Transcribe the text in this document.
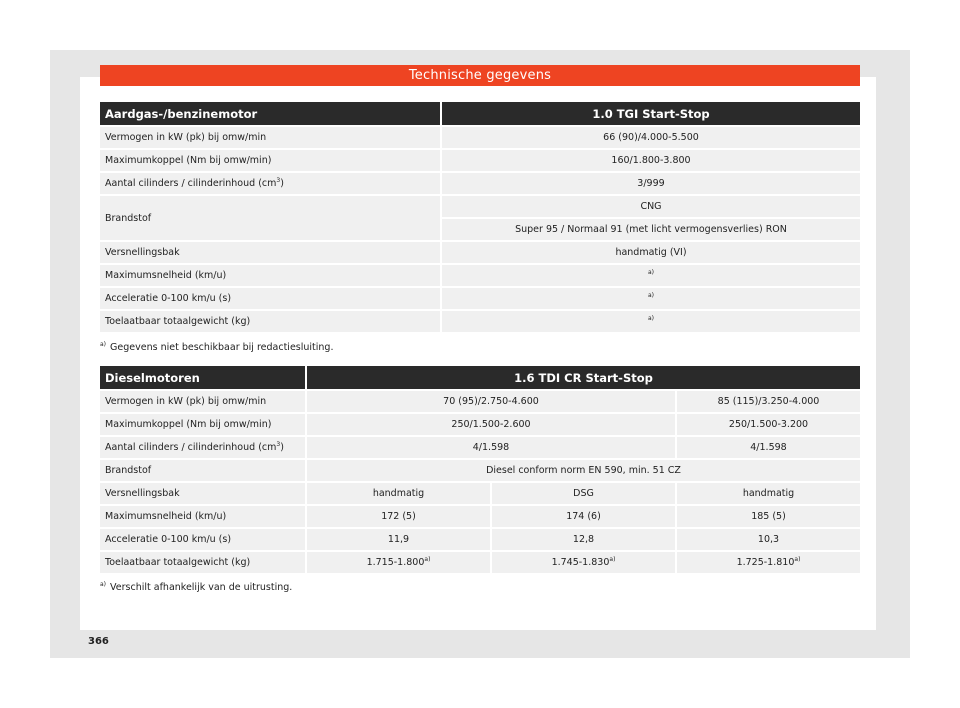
Technische gegevens
Aardgas-/benzinemotor	1.0 TGI Start-Stop
Vermogen in kW (pk) bij omw/min	66 (90)/4.000-5.500
Maximumkoppel (Nm bij omw/min)	160/1.800-3.800
Aantal cilinders / cilinderinhoud $(cm^3)$	3/999
Brandstof	CNG
	Super 95 / Normaal 91 (met licht vermogensverlies) RON
Versnellingsbak	handmatig (VI)
Maximumsnelheid (km/u)	$^{a)}$
Acceleratie 0-100 km/u (s)	$^{a)}$
Toelaatbaar totaalgewicht (kg)	$^{a)}$
$^{a)}$ Gegevens niet beschikbaar bij redactiesluiting.
Dieselmotoren	1.6 TDI CR Start-Stop		
Vermogen in kW (pk) bij omw/min	70 (95)/2.750-4.600		85 (115)/3.250-4.000
Maximumkoppel (Nm bij omw/min)	250/1.500-2.600		250/1.500-3.200
Aantal cilinders / cilinderinhoud $(cm^3)$	4/1.598		4/1.598
Brandstof	Diesel conform norm EN 590, min. 51 CZ		
Versnellingsbak	handmatig	DSG	handmatig
Maximumsnelheid (km/u)	172 (5)	174 (6)	185 (5)
Acceleratie 0-100 km/u (s)	11,9	12,8	10,3
Toelaatbaar totaalgewicht (kg)	1.715-1.800$^{a)}$	1.745-1.830$^{a)}$	1.725-1.810$^{a)}$
$^{a)}$ Verschilt afhankelijk van de uitrusting.
366
